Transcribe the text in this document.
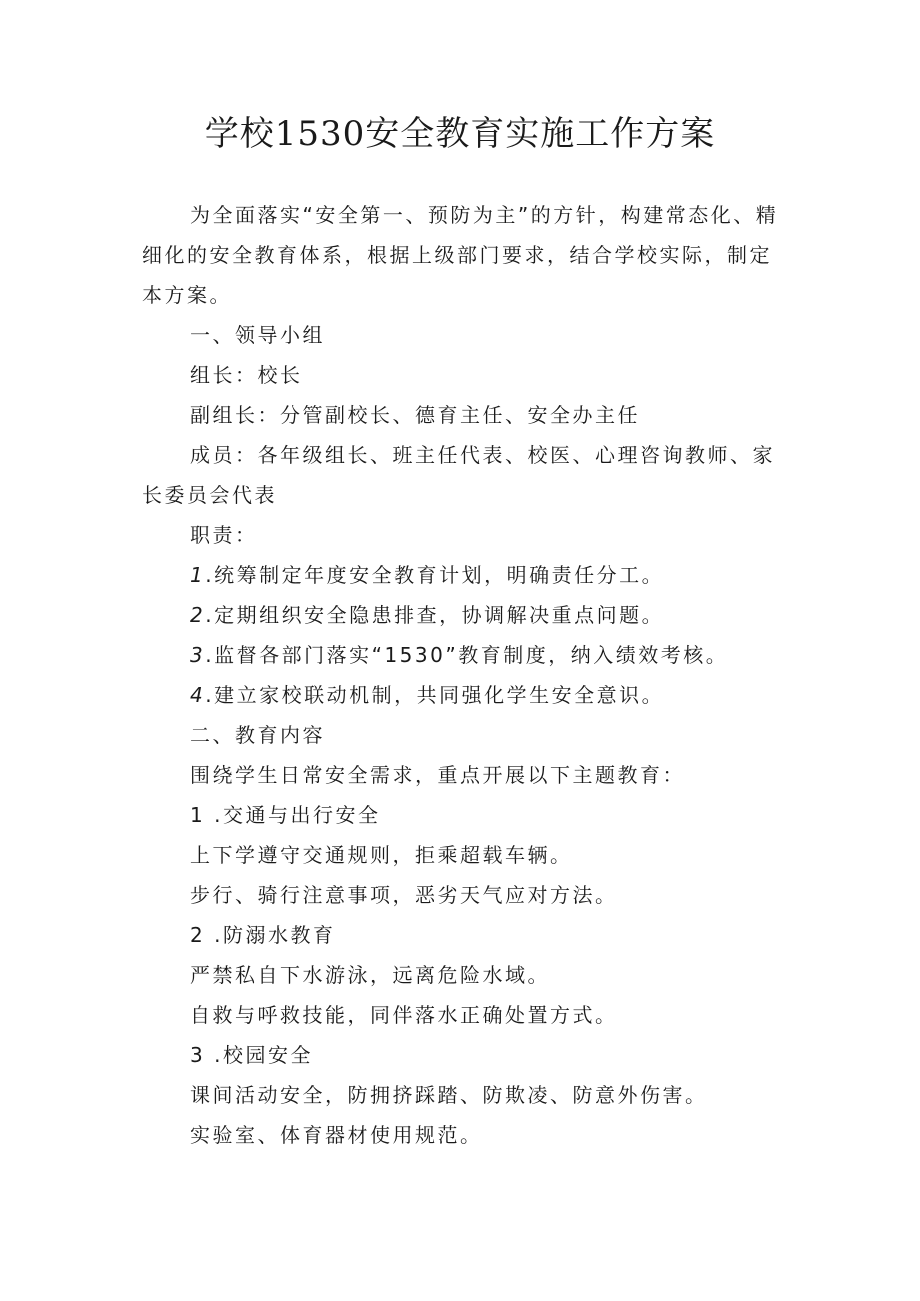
学校1530安全教育实施工作方案

为全面落实“安全第一、预防为主”的方针，构建常态化、精细化的安全教育体系，根据上级部门要求，结合学校实际，制定本方案。

一、领导小组

组长：校长

副组长：分管副校长、德育主任、安全办主任

成员：各年级组长、班主任代表、校医、心理咨询教师、家长委员会代表

职责：

1.统筹制定年度安全教育计划，明确责任分工。

2.定期组织安全隐患排查，协调解决重点问题。

3.监督各部门落实“1530”教育制度，纳入绩效考核。

4.建立家校联动机制，共同强化学生安全意识。

二、教育内容

围绕学生日常安全需求，重点开展以下主题教育：

1 .交通与出行安全

上下学遵守交通规则，拒乘超载车辆。

步行、骑行注意事项，恶劣天气应对方法。

2 .防溺水教育

严禁私自下水游泳，远离危险水域。

自救与呼救技能，同伴落水正确处置方式。

3 .校园安全

课间活动安全，防拥挤踩踏、防欺凌、防意外伤害。

实验室、体育器材使用规范。
